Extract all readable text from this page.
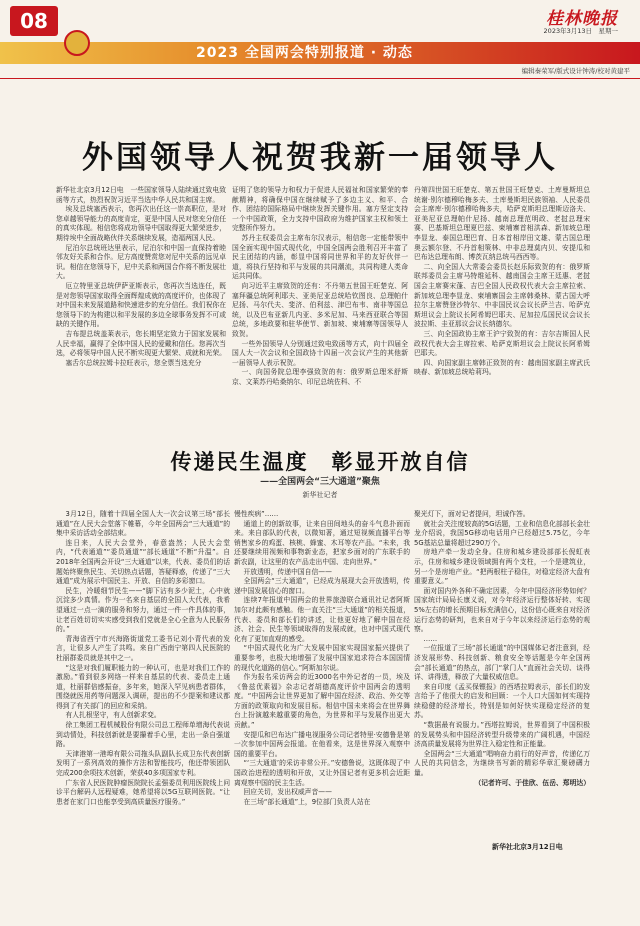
08	桂林晚报
2023年3月13日　星期一
2023 全国两会特别报道 · 动态
编辑秦荣军/版式设计钟涛/校对黄建平
外国领导人祝贺我新一届领导人

新华社北京3月12日电　一些国家领导人陆续通过致电致函等方式，热烈祝贺习近平当选中华人民共和国主席。

埃及总统塞西表示，您再次出任这一崇高职位，是对您卓越领导能力的高度肯定，更是中国人民对您充分信任的真实体现。相信您将成功领导中国取得更大繁荣进步，期待埃中全面战略伙伴关系继续发展，造福两国人民。

尼泊尔总统班达里表示，尼泊尔和中国一直保持着睦邻友好关系和合作。尼方高度赞赏您对尼中关系的远见卓识。相信在您领导下，尼中关系和两国合作将不断发展壮大。

厄立特里亚总统伊萨亚斯表示，您再次当选连任，既是对您领导国家取得全面辉煌成就的高度评价，也体现了对中国未来发展道路和快速进步的充分信任。我们祝你在您领导下的为构建以和平发展的多边全球事务发挥不可或缺的关键作用。

吉布提总统盖莱表示，您长期坚定致力于国家发展和人民幸福，赢得了全体中国人民的爱戴和信任。您再次当选，必将领导中国人民不断实现更大繁荣、成就和光荣。

塞舌尔总统拉姆卡拉旺表示，您全票当选充分

证明了您的领导力和权力于促进人民福祉和国家繁荣的奉献精神，将确保中国在继续赋予了多边主义、和平、合作、团结的国际格局中继续发挥关键作用。塞方坚定支持一个中国政策，全力支持中国政府为维护国家主权和领土完整所作努力。

苏丹主权委员会主席布尔汉表示，相信您一定能带领中国全面实现中国式现代化，中国全国两会胜利召开丰富了民主团结的内涵，彰显中国将同世界和平的友好伙伴一道，将执行坚持和平与发展的共同潮流，共同构建人类命运共同体。

向习近平主席致贺的还有：不丹第五世国王旺楚克、阿塞拜疆总统阿利耶夫、亚美尼亚总统哈钦图良、总理帕什尼扬、马尔代夫、斐济、伯利兹、津巴布韦、南非等国总统，以及巴布亚新几内亚、多米尼加、马来西亚联合等国总统，多地政要和驻华使节、新加坡、柬埔寨等国领导人致贺。

一些外国领导人分别通过致电致函等方式，向十四届全国人大一次会议和全国政协十四届一次会议产生的其他新一届领导人表示祝贺。

一、向国务院总理李强致贺的有：俄罗斯总理米舒斯京、文莱苏丹哈桑纳尔、印尼总统佐科、不

丹第四世国王旺楚克、第五世国王旺楚克、土库曼斯坦总统谢·别尔德穆哈梅多夫、土库曼斯坦民族领袖、人民委员会主席库·别尔德穆哈梅多夫，哈萨克斯坦总理斯迈洛夫、亚美尼亚总理帕什尼扬、越南总理范明政、老挝总理宋赛、巴基斯坦总理夏巴兹、柬埔寨首相洪森、新加坡总理李显龙、泰国总理巴育、日本首相岸田文雄、蒙古国总理奥云额尔登、不丹首相策林、中非总理莫内贝、安提瓜和巴布达总理布朗、博茨瓦纳总统马西西等。

二、向全国人大常委会委员长赵乐际致贺的有：俄罗斯联邦委员会主席马特维延科、越南国会主席王廷惠、老挝国会主席赛宋蓬、吉巴全国人民政权代表大会主席拉索、新加坡总理李显龙、柬埔寨国会主席韩桑林、蒙古国大呼拉尔主席赞登沙特尔、中非国民议会议长萨兰吉、哈萨克斯坦议会上院议长阿希姆巴耶夫、尼加拉瓜国民议会议长波拉斯、圭亚那议会议长纳德尔。

三、向全国政协主席王沪宁致贺的有：吉尔吉斯国人民政权代表大会主席拉索、哈萨克斯坦议会上院议长阿希姆巴耶夫。

四、向国家副主席韩正致贺的有：越南国家副主席武氏映春、新加坡总统哈莉玛。

传递民生温度　彰显开放自信
——全国两会“三大通道”聚焦
新华社记者

3月12日，随着十四届全国人大一次会议第三场“部长通道”在人民大会堂落下帷幕，今年全国两会“三大通道”的集中采访活动全部结束。

连日来，人民大会堂外，春意盎然；人民大会堂内，“代表通道”“委员通道”“部长通道”不断“升温”。自2018年全国两会开设“三大通道”以来，代表、委员们的话题始终聚焦民生、关切热点话题，答疑释惑，传递了“三大通道”成为展示中国民主、开放、自信的多彩窗口。

民生，冷暖细节民生——“脚下沾有多少泥土，心中就沉淀多少真情。作为一名来自基层的全国人大代表，我希望通过一点一滴的服务和努力，通过一件一件具体的事，让老百姓切切实实感受到我们党就是全心全意为人民服务的。”

青海省西宁市兴海路街道党工委书记刘小青代表的发言，让很多人产生了共鸣。来自广西南宁第四人民医院的杜丽群委员就是其中之一。

“这是对我们履职能力的一种认可，也是对我们工作的激励。”看到很多网络一样来自基层的代表、委员走上通道，杜丽群倍感振奋，多年来，她深入罕见病患者群体，围绕就医用药等问题深入调研，提出的不少提案和建议都得到了有关部门的回应和采纳。

有人扎根坚守，有人创新求变。

徐工集团工程机械股份有限公司总工程师单增海代表说到动情处，科技创新就是要攥着手心里，走出一条自强道路。

天津港第一港埠有限公司拖头队副队长成卫东代表创新发明了一系列高效的操作方法和智能技巧，他还带领团队完成200余项技术创新，荣获40多项国家专利。

广东省人民医院肿瘤医院院长孟强委员利用医院线上问诊平台解码人远程疑难，她希望将以5G互联网医院。“让患者在家门口也能享受到高质量医疗服务。”

慢性疾病”……

通道上的创新故事，让来自田间地头的奋斗气息扑面而来。来自部队的代表，以微知著，通过短视频直播平台等销售家乡的鸡蛋、核桃、蜂蜜、木耳等农产品。“未来，我还要继续用视频和事物新业态，把家乡面对的广东联手的新农副，让这里的农产品走出中国、走向世界。”

开放透明，传递中国自信——

全国两会“三大通道”，已经成为展现大会开放透明，传递中国发展信心的窗口。

连续7年报道中国两会的世界旅游联合通讯社记者阿斯加尔对此颇有感触。他一直关注“三大通道”的相关报道，代表、委员和部长们的讲述，让他更好地了解中国在经济、社会、民生等领域取得的发展成就，也对中国式现代化有了更加直观的感受。

“中国式现代化为广大发展中国家实现国家振兴提供了重要参考，也极大地增强了发展中国家追求符合本国国情的现代化道路的信心。”阿斯加尔说。

作为报名采访两会的近3000名中外记者的一员，埃及《鲁兹优素福》杂志记者胡德高度评价中国两会的透明度。“中国两会让世界更加了解中国在经济、政治、外交等方面的政策取向和发展目标。相信中国未来将会在世界舞台上扮演越来越重要的角色，为世界和平与发展作出更大贡献。”

安提瓜和巴布达广播电视服务公司记者特里·安德鲁是第一次参加中国两会报道。在他看来，这是世界深入观察中国的重要平台。

“‘三大通道’的采访非常公开。”安德鲁说，这既体现了中国政治进程的透明和开放，又让外国记者有更多机会近距离观察中国的民主生活。

回应关切，发出权威声音——

在三场“部长通道”上，9位部门负责人站在

聚光灯下，面对记者提问，坦诚作答。

就社会关注度较高的5G话题，工业和信息化部部长金壮龙介绍说，我国5G移动电话用户已经超过5.75亿，今年5G基站总量将超过290万个。

房地产牵一发动全身。住房和城乡建设部部长倪虹表示，住房和城乡建设领域拥有两个支柱，一个是建筑业，另一个是房地产业。“把两根柱子稳住，对稳定经济大盘有重要意义。”

面对国内外各种不确定因素，今年中国经济形势如何？国家统计局局长康义说，对今年经济运行整体好转、实现5%左右的增长预期目标充满信心，这份信心既来自对经济运行态势的研判，也来自对于今年以来经济运行态势的观察。

……

一位报道了三场“部长通道”的中国媒体记者注意到，经济发展形势、科技创新、粮食安全等话题是今年全国两会“部长通道”的热点，部门“掌门人”直面社会关切、谈得详、讲得透，释放了大量权威信息。

来自印度《孟买保镖报》的西塔拉姆表示，部长们的发言给予了他很大的启发和回顾：一个人口大国如何实现持续稳健的经济增长，特别是如何好快实现稳定经济的复苏。

“数据最有说服力。”西塔拉姆说，世界看到了中国积极的发展势头和中国经济转型升级带来的广阔机遇，中国经济高质量发展将为世界注入稳定性和正能量。

全国两会“三大通道”唱响奋力前行的好声音，传递亿万人民的共同信念，为继续书写新的精彩华章汇聚磅礴力量。

（记者许可、于佳欣、伍岳、郑明达）

新华社北京3月12日电
